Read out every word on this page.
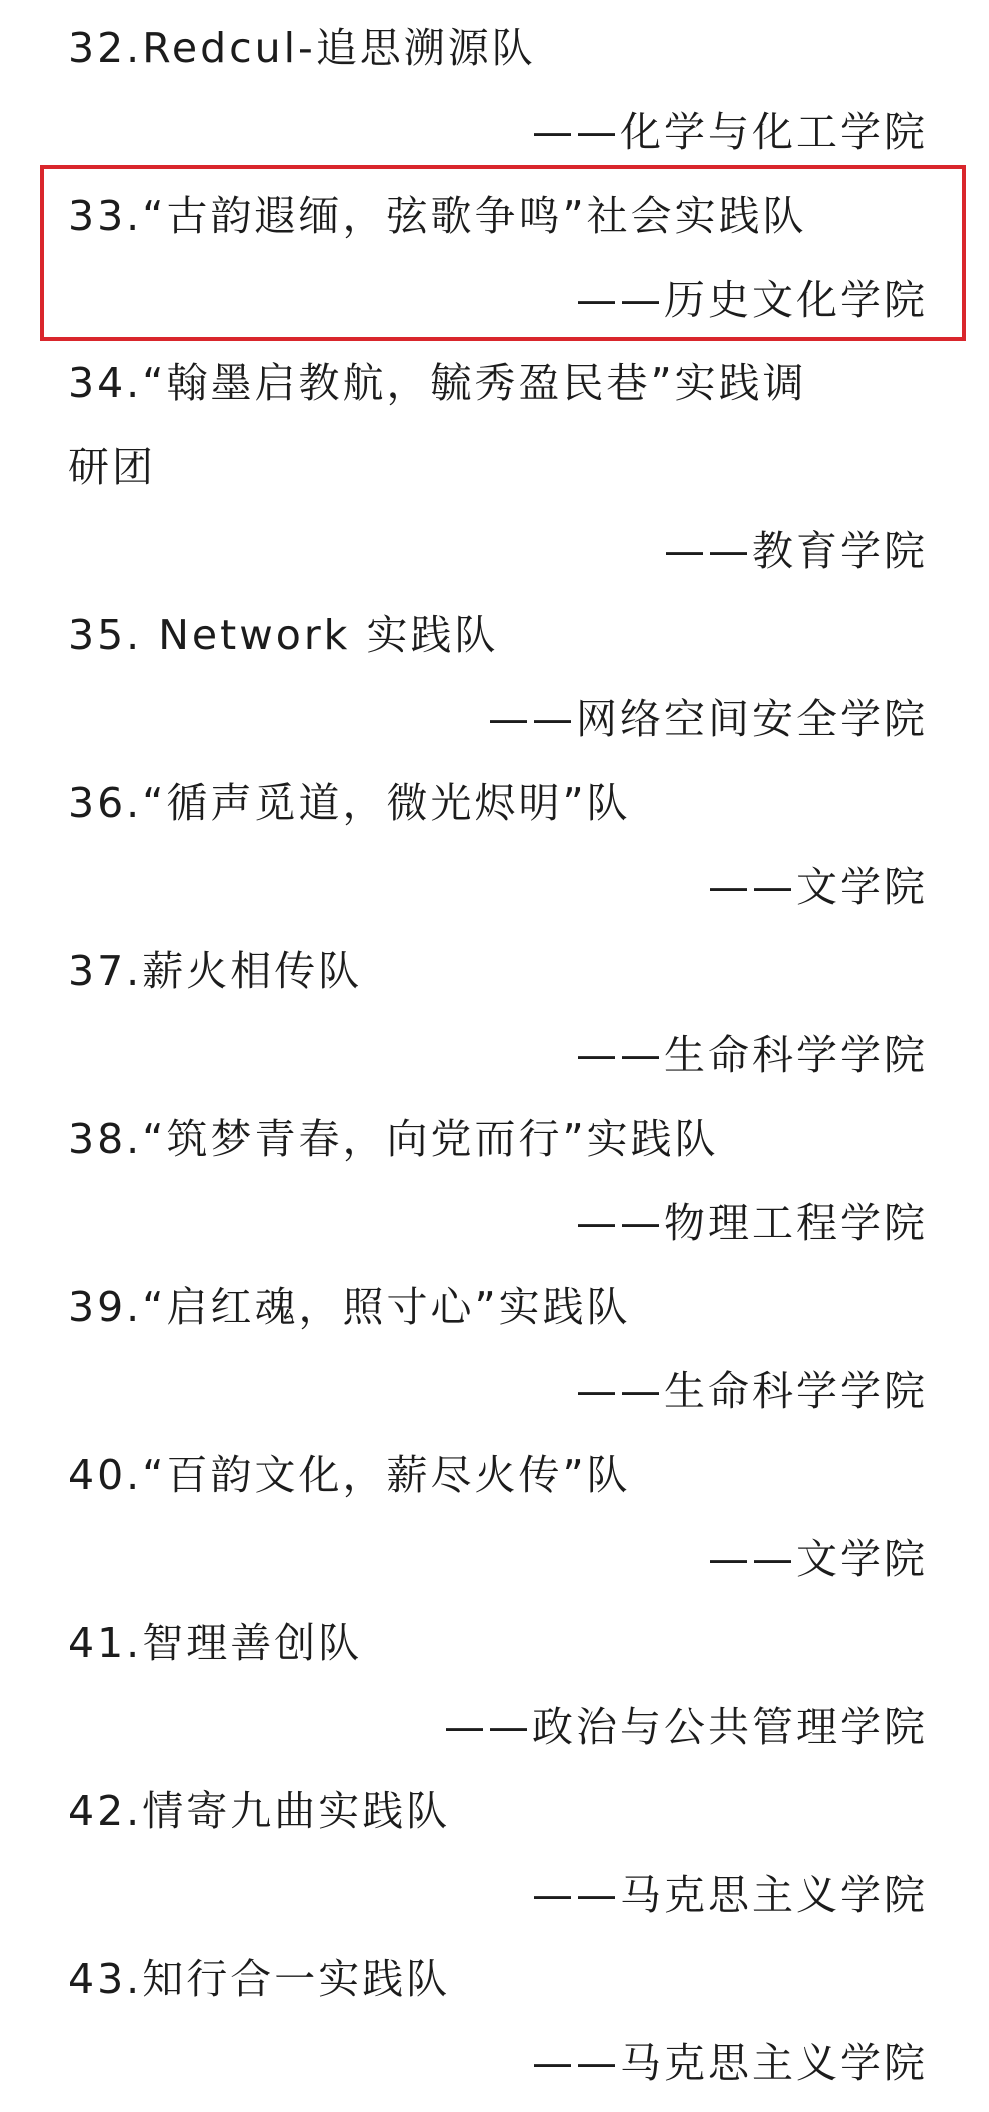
32.Redcul-追思溯源队
——化学与化工学院
33.“古韵遐缅，弦歌争鸣”社会实践队
——历史文化学院
34.“翰墨启教航，毓秀盈民巷”实践调
研团
——教育学院
35. Network 实践队
——网络空间安全学院
36.“循声觅道，微光烬明”队
——文学院
37.薪火相传队
——生命科学学院
38.“筑梦青春，向党而行”实践队
——物理工程学院
39.“启红魂，照寸心”实践队
——生命科学学院
40.“百韵文化，薪尽火传”队
——文学院
41.智理善创队
——政治与公共管理学院
42.情寄九曲实践队
——马克思主义学院
43.知行合一实践队
——马克思主义学院
